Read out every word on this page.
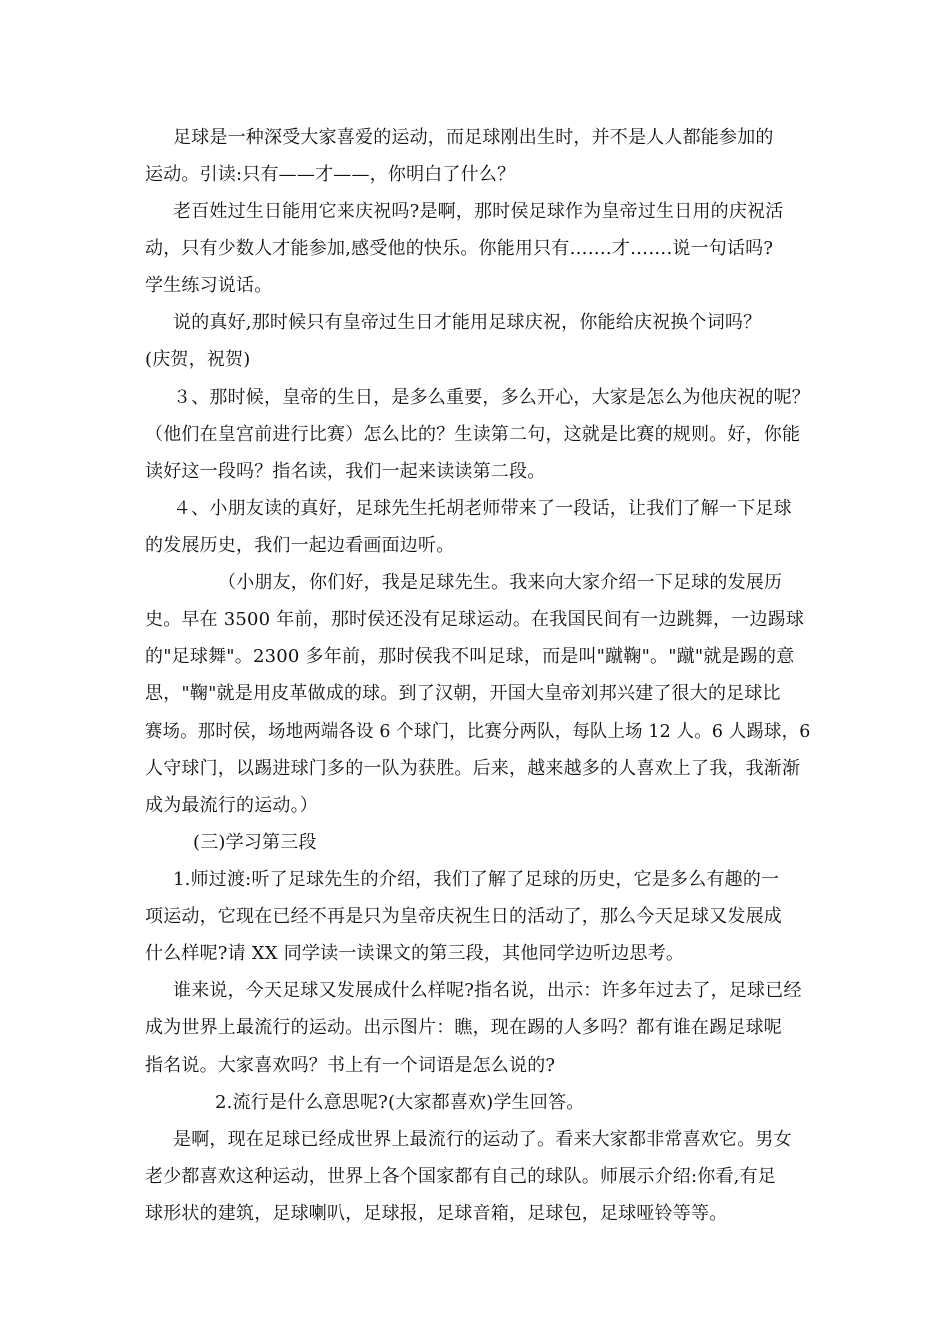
足球是一种深受大家喜爱的运动，而足球刚出生时，并不是人人都能参加的
运动。引读:只有——才——，你明白了什么？
老百姓过生日能用它来庆祝吗?是啊，那时侯足球作为皇帝过生日用的庆祝活
动，只有少数人才能参加,感受他的快乐。你能用只有…….才…….说一句话吗?
学生练习说话。
说的真好,那时候只有皇帝过生日才能用足球庆祝，你能给庆祝换个词吗？
(庆贺，祝贺)
３、那时候，皇帝的生日，是多么重要，多么开心，大家是怎么为他庆祝的呢？
（他们在皇宫前进行比赛）怎么比的？生读第二句，这就是比赛的规则。好，你能
读好这一段吗？指名读，我们一起来读读第二段。
４、小朋友读的真好，足球先生托胡老师带来了一段话，让我们了解一下足球
的发展历史，我们一起边看画面边听。
（小朋友，你们好，我是足球先生。我来向大家介绍一下足球的发展历
史。早在 3500 年前，那时侯还没有足球运动。在我国民间有一边跳舞，一边踢球
的"足球舞"。2300 多年前，那时侯我不叫足球，而是叫"蹴鞠"。"蹴"就是踢的意
思，"鞠"就是用皮革做成的球。到了汉朝，开国大皇帝刘邦兴建了很大的足球比
赛场。那时侯，场地两端各设 6 个球门，比赛分两队，每队上场 12 人。6 人踢球，6
人守球门，以踢进球门多的一队为获胜。后来，越来越多的人喜欢上了我，我渐渐
成为最流行的运动。）
(三)学习第三段
1.师过渡:听了足球先生的介绍，我们了解了足球的历史，它是多么有趣的一
项运动，它现在已经不再是只为皇帝庆祝生日的活动了，那么今天足球又发展成
什么样呢?请 XX 同学读一读课文的第三段，其他同学边听边思考。
谁来说，今天足球又发展成什么样呢?指名说，出示：许多年过去了，足球已经
成为世界上最流行的运动。出示图片：瞧，现在踢的人多吗？都有谁在踢足球呢
指名说。大家喜欢吗？书上有一个词语是怎么说的?
2.流行是什么意思呢?(大家都喜欢)学生回答。
是啊，现在足球已经成世界上最流行的运动了。看来大家都非常喜欢它。男女
老少都喜欢这种运动，世界上各个国家都有自己的球队。师展示介绍:你看,有足
球形状的建筑，足球喇叭，足球报，足球音箱，足球包，足球哑铃等等。
